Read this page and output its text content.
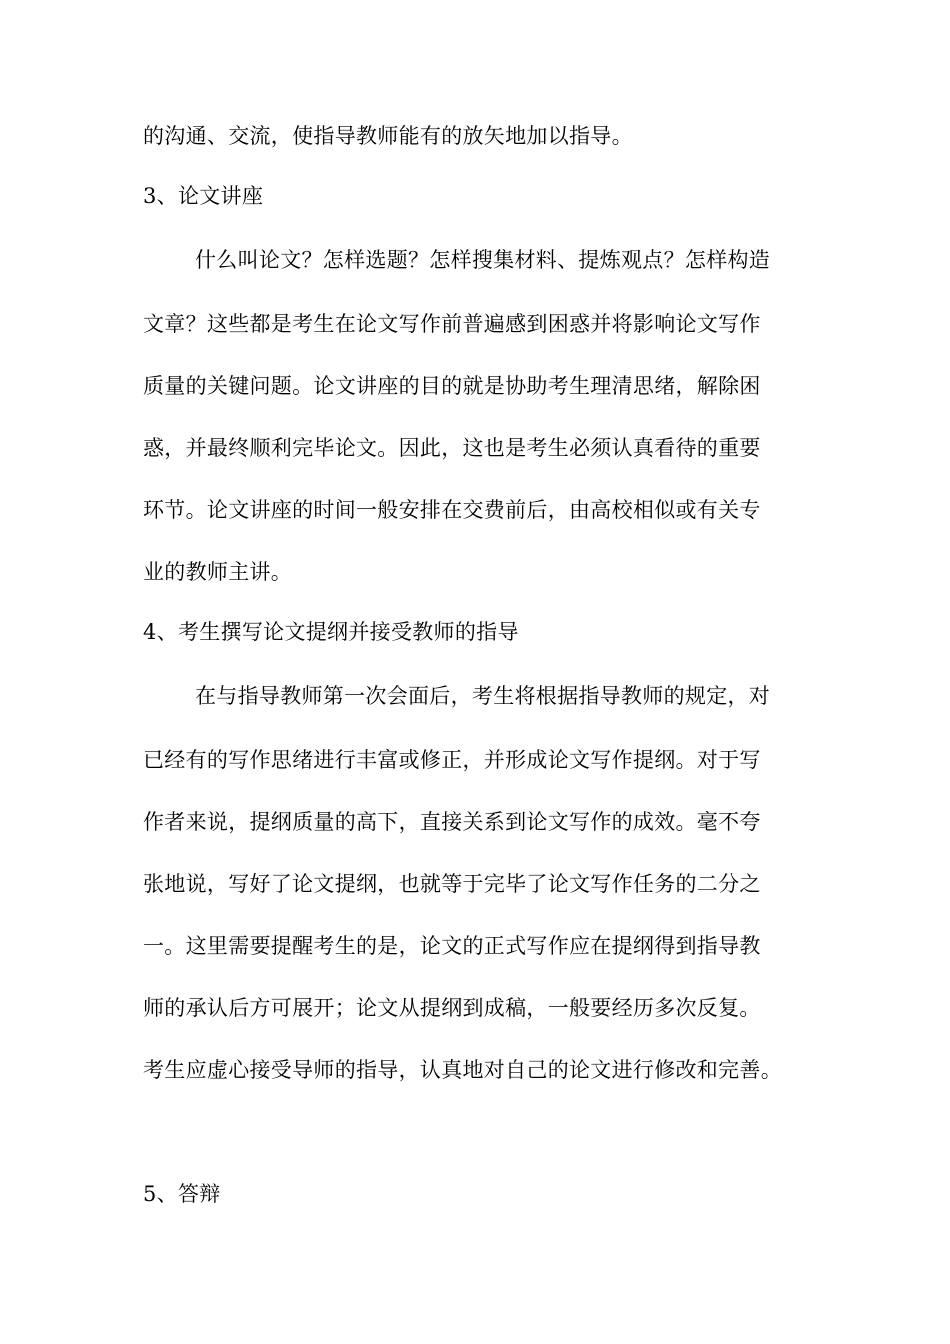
的沟通、交流，使指导教师能有的放矢地加以指导。
3、论文讲座
什么叫论文？怎样选题？怎样搜集材料、提炼观点？怎样构造
文章？这些都是考生在论文写作前普遍感到困惑并将影响论文写作
质量的关键问题。论文讲座的目的就是协助考生理清思绪，解除困
惑，并最终顺利完毕论文。因此，这也是考生必须认真看待的重要
环节。论文讲座的时间一般安排在交费前后，由高校相似或有关专
业的教师主讲。
4、考生撰写论文提纲并接受教师的指导
在与指导教师第一次会面后，考生将根据指导教师的规定，对
已经有的写作思绪进行丰富或修正，并形成论文写作提纲。对于写
作者来说，提纲质量的高下，直接关系到论文写作的成效。毫不夸
张地说，写好了论文提纲，也就等于完毕了论文写作任务的二分之
一。这里需要提醒考生的是，论文的正式写作应在提纲得到指导教
师的承认后方可展开；论文从提纲到成稿，一般要经历多次反复。
考生应虚心接受导师的指导，认真地对自己的论文进行修改和完善。
5、答辩
